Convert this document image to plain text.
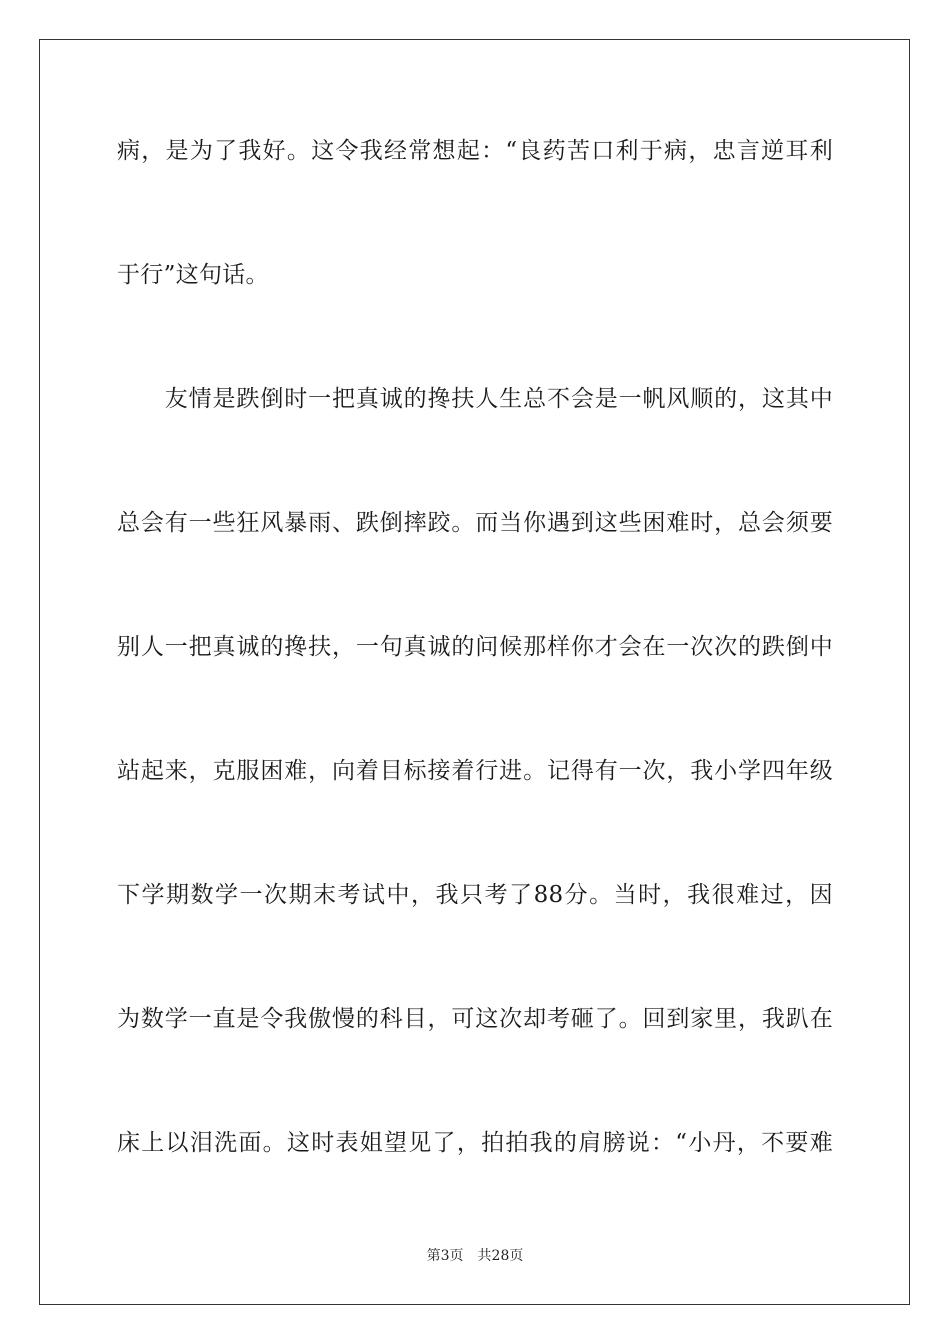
病，是为了我好。这令我经常想起：“良药苦口利于病，忠言逆耳利
于行”这句话。
　　友情是跌倒时一把真诚的搀扶人生总不会是一帆风顺的，这其中
总会有一些狂风暴雨、跌倒摔跤。而当你遇到这些困难时，总会须要
别人一把真诚的搀扶，一句真诚的问候那样你才会在一次次的跌倒中
站起来，克服困难，向着目标接着行进。记得有一次，我小学四年级
下学期数学一次期末考试中，我只考了88分。当时，我很难过，因
为数学一直是令我傲慢的科目，可这次却考砸了。回到家里，我趴在
床上以泪洗面。这时表姐望见了，拍拍我的肩膀说：“小丹，不要难
第3页 共28页
